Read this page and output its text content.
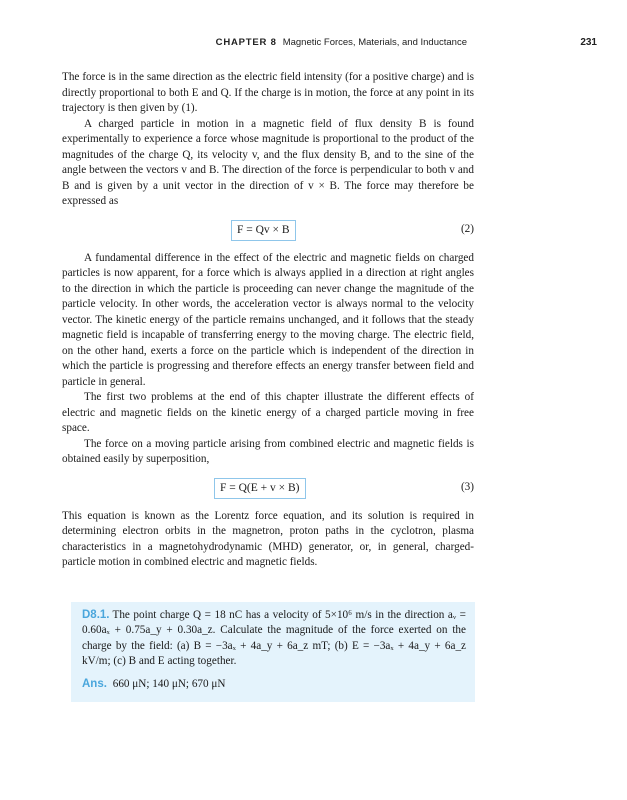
CHAPTER 8 Magnetic Forces, Materials, and Inductance	231

The force is in the same direction as the electric field intensity (for a positive charge) and is directly proportional to both E and Q. If the charge is in motion, the force at any point in its trajectory is then given by (1).

A charged particle in motion in a magnetic field of flux density B is found experimentally to experience a force whose magnitude is proportional to the product of the magnitudes of the charge Q, its velocity v, and the flux density B, and to the sine of the angle between the vectors v and B. The direction of the force is perpendicular to both v and B and is given by a unit vector in the direction of v × B. The force may therefore be expressed as

F = Qv × B	(2)

A fundamental difference in the effect of the electric and magnetic fields on charged particles is now apparent, for a force which is always applied in a direction at right angles to the direction in which the particle is proceeding can never change the magnitude of the particle velocity. In other words, the acceleration vector is always normal to the velocity vector. The kinetic energy of the particle remains unchanged, and it follows that the steady magnetic field is incapable of transferring energy to the moving charge. The electric field, on the other hand, exerts a force on the particle which is independent of the direction in which the particle is progressing and therefore effects an energy transfer between field and particle in general.

The first two problems at the end of this chapter illustrate the different effects of electric and magnetic fields on the kinetic energy of a charged particle moving in free space.

The force on a moving particle arising from combined electric and magnetic fields is obtained easily by superposition,

F = Q(E + v × B)	(3)

This equation is known as the Lorentz force equation, and its solution is required in determining electron orbits in the magnetron, proton paths in the cyclotron, plasma characteristics in a magnetohydrodynamic (MHD) generator, or, in general, charged-particle motion in combined electric and magnetic fields.

D8.1. The point charge Q = 18 nC has a velocity of 5×10⁶ m/s in the direction aᵥ = 0.60aₓ + 0.75a_y + 0.30a_z. Calculate the magnitude of the force exerted on the charge by the field: (a) B = −3aₓ + 4a_y + 6a_z mT; (b) E = −3aₓ + 4a_y + 6a_z kV/m; (c) B and E acting together.
Ans. 660 μN; 140 μN; 670 μN
